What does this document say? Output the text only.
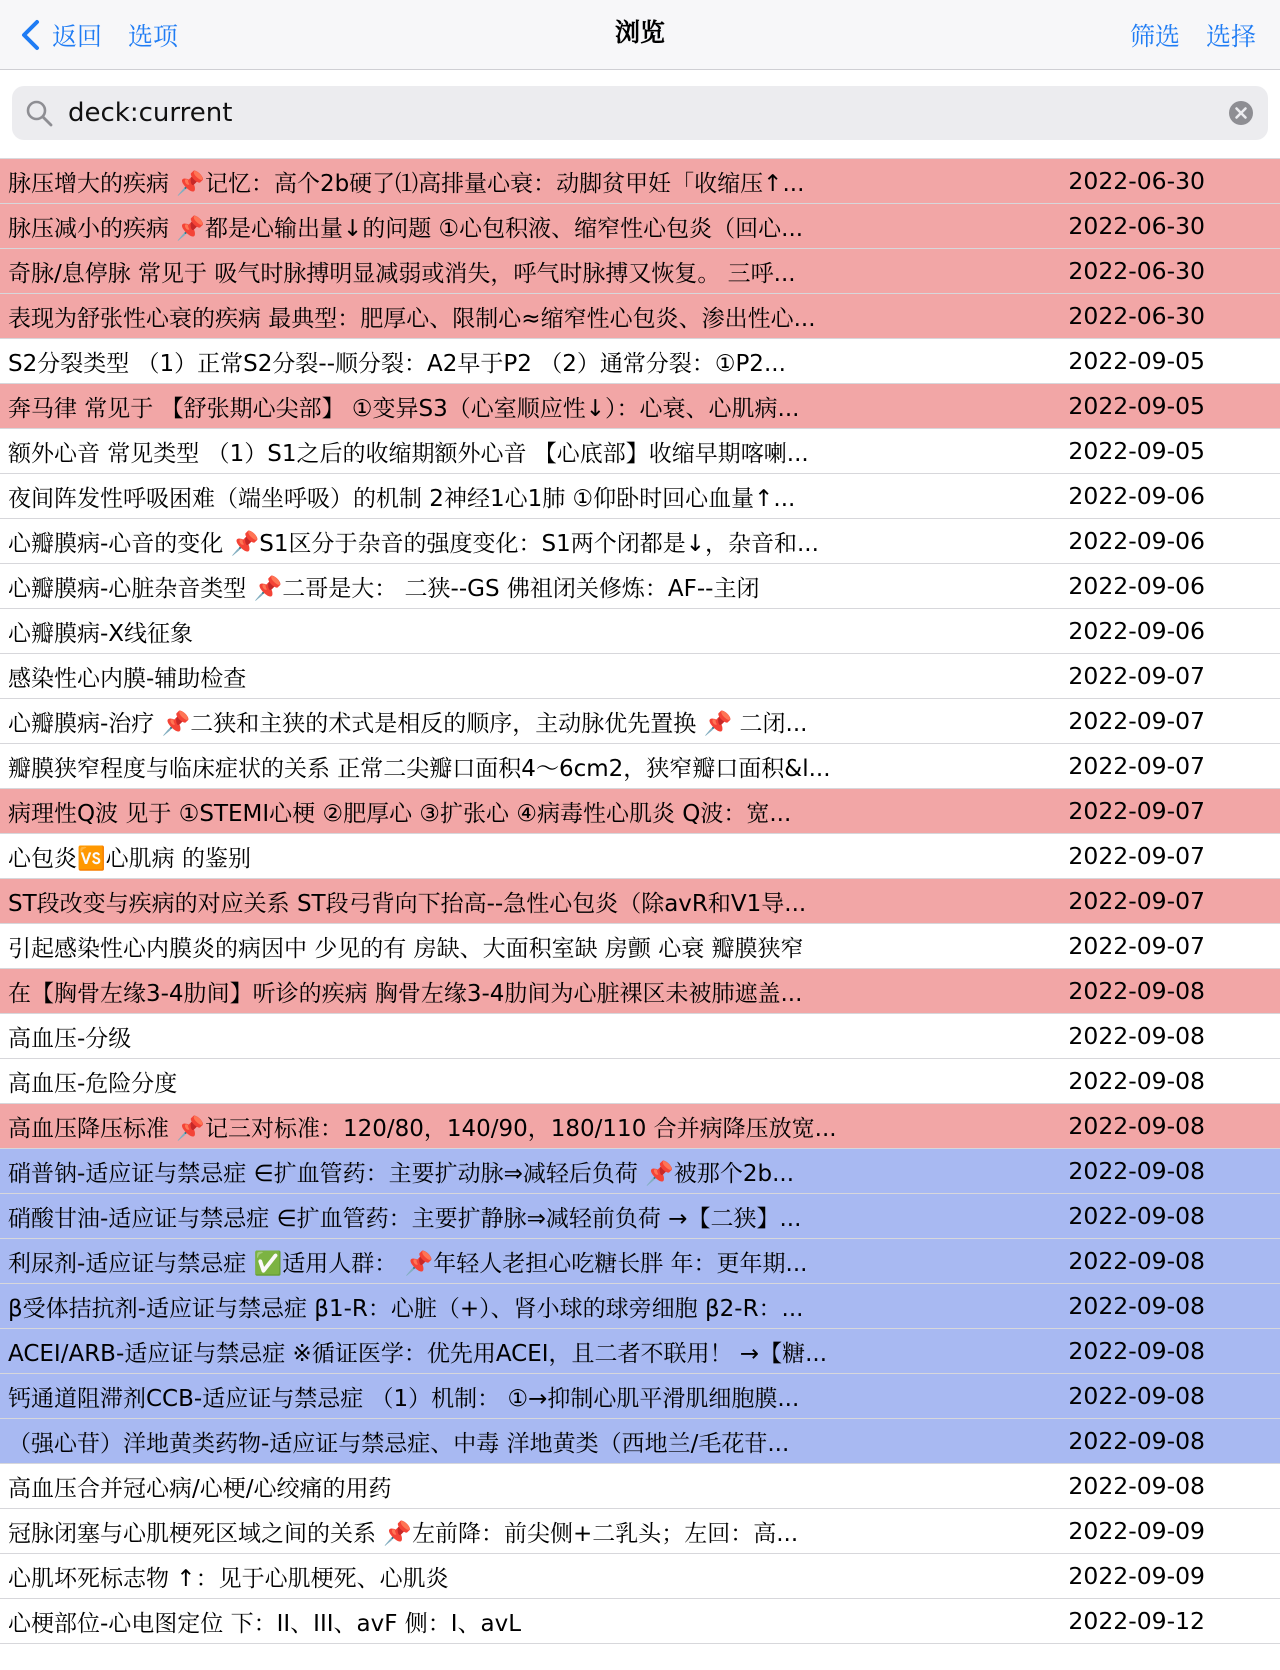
返回 选项	浏览	筛选 选择
deck:current
脉压增大的疾病 📌记忆：高个2b硬了⑴高排量心衰：动脚贫甲妊「收缩压↑...	2022-06-30
脉压减小的疾病 📌都是心输出量↓的问题 ①心包积液、缩窄性心包炎（回心...	2022-06-30
奇脉/息停脉 常见于 吸气时脉搏明显减弱或消失，呼气时脉搏又恢复。 三呼...	2022-06-30
表现为舒张性心衰的疾病 最典型：肥厚心、限制心≈缩窄性心包炎、渗出性心...	2022-06-30
S2分裂类型 （1）正常S2分裂--顺分裂：A2早于P2 （2）通常分裂：①P2...	2022-09-05
奔马律 常见于 【舒张期心尖部】 ①变异S3（心室顺应性↓）：心衰、心肌病...	2022-09-05
额外心音 常见类型 （1）S1之后的收缩期额外心音 【心底部】收缩早期喀喇...	2022-09-05
夜间阵发性呼吸困难（端坐呼吸）的机制 2神经1心1肺 ①仰卧时回心血量↑...	2022-09-06
心瓣膜病-心音的变化 📌S1区分于杂音的强度变化：S1两个闭都是↓，杂音和...	2022-09-06
心瓣膜病-心脏杂音类型 📌二哥是大： 二狭--GS 佛祖闭关修炼：AF--主闭	2022-09-06
心瓣膜病-X线征象	2022-09-06
感染性心内膜-辅助检查	2022-09-07
心瓣膜病-治疗 📌二狭和主狭的术式是相反的顺序，主动脉优先置换 📌 二闭...	2022-09-07
瓣膜狭窄程度与临床症状的关系 正常二尖瓣口面积4～6cm2，狭窄瓣口面积&l...	2022-09-07
病理性Q波 见于 ①STEMI心梗 ②肥厚心 ③扩张心 ④病毒性心肌炎 Q波：宽...	2022-09-07
心包炎🆚心肌病 的鉴别	2022-09-07
ST段改变与疾病的对应关系 ST段弓背向下抬高--急性心包炎（除avR和V1导...	2022-09-07
引起感染性心内膜炎的病因中 少见的有 房缺、大面积室缺 房颤 心衰 瓣膜狭窄	2022-09-07
在【胸骨左缘3-4肋间】听诊的疾病 胸骨左缘3-4肋间为心脏裸区未被肺遮盖...	2022-09-08
高血压-分级	2022-09-08
高血压-危险分度	2022-09-08
高血压降压标准 📌记三对标准：120/80，140/90，180/110 合并病降压放宽...	2022-09-08
硝普钠-适应证与禁忌症 ∈扩血管药：主要扩动脉⇒减轻后负荷 📌被那个2b...	2022-09-08
硝酸甘油-适应证与禁忌症 ∈扩血管药：主要扩静脉⇒减轻前负荷 →【二狭】...	2022-09-08
利尿剂-适应证与禁忌症 ✅适用人群： 📌年轻人老担心吃糖长胖 年：更年期...	2022-09-08
β受体拮抗剂-适应证与禁忌症 β1-R：心脏（+）、肾小球的球旁细胞 β2-R：...	2022-09-08
ACEI/ARB-适应证与禁忌症 ※循证医学：优先用ACEI，且二者不联用！ →【糖...	2022-09-08
钙通道阻滞剂CCB-适应证与禁忌症 （1）机制： ①→抑制心肌平滑肌细胞膜...	2022-09-08
（强心苷）洋地黄类药物-适应证与禁忌症、中毒 洋地黄类（西地兰/毛花苷...	2022-09-08
高血压合并冠心病/心梗/心绞痛的用药	2022-09-08
冠脉闭塞与心肌梗死区域之间的关系 📌左前降：前尖侧+二乳头；左回：高...	2022-09-09
心肌坏死标志物 ↑：见于心肌梗死、心肌炎	2022-09-09
心梗部位-心电图定位 下：II、III、avF 侧：I、avL	2022-09-12
